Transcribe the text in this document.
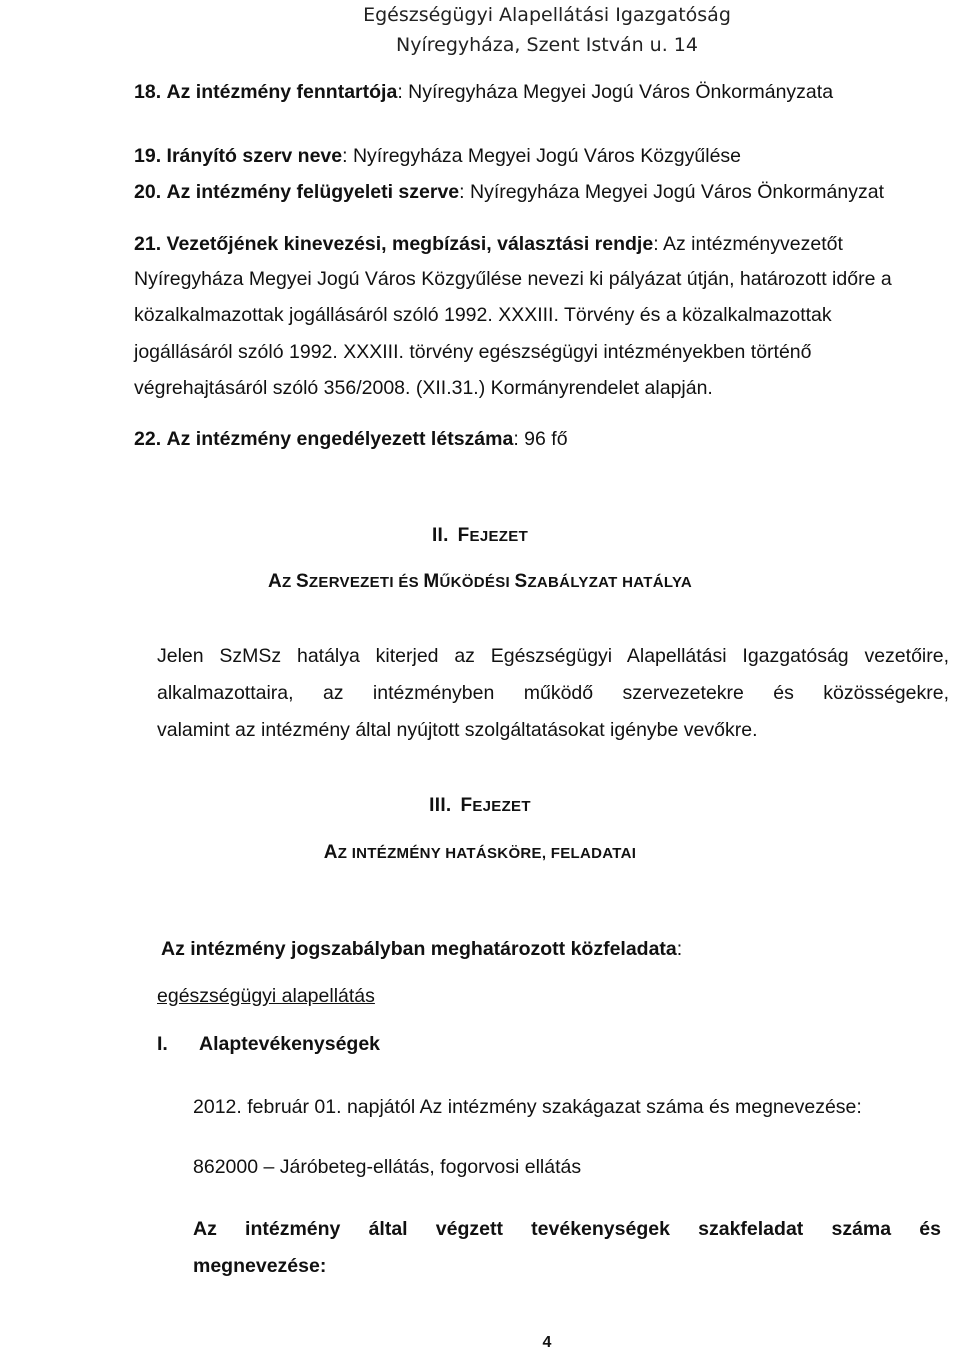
Egészségügyi Alapellátási Igazgatóság
Nyíregyháza, Szent István u. 14
18. Az intézmény fenntartója: Nyíregyháza Megyei Jogú Város Önkormányzata
19. Irányító szerv neve: Nyíregyháza Megyei Jogú Város Közgyűlése
20. Az intézmény felügyeleti szerve: Nyíregyháza Megyei Jogú Város Önkormányzat
21. Vezetőjének kinevezési, megbízási, választási rendje: Az intézményvezetőt
Nyíregyháza Megyei Jogú Város Közgyűlése nevezi ki pályázat útján, határozott időre a
közalkalmazottak jogállásáról szóló 1992. XXXIII. Törvény és a közalkalmazottak
jogállásáról szóló 1992. XXXIII. törvény egészségügyi intézményekben történő
végrehajtásáról szóló 356/2008. (XII.31.) Kormányrendelet alapján.
22. Az intézmény engedélyezett létszáma: 96 fő
II. FEJEZET
AZ SZERVEZETI ÉS MŰKÖDÉSI SZABÁLYZAT HATÁLYA
Jelen SzMSz hatálya kiterjed az Egészségügyi Alapellátási Igazgatóság vezetőire,
alkalmazottaira, az intézményben működő szervezetekre és közösségekre,
valamint az intézmény által nyújtott szolgáltatásokat igénybe vevőkre.
III. FEJEZET
AZ INTÉZMÉNY HATÁSKÖRE, FELADATAI
Az intézmény jogszabályban meghatározott közfeladata:
egészségügyi alapellátás
I. Alaptevékenységek
2012. február 01. napjától Az intézmény szakágazat száma és megnevezése:
862000 – Járóbeteg-ellátás, fogorvosi ellátás
Az intézmény által végzett tevékenységek szakfeladat száma és
megnevezése:
4
